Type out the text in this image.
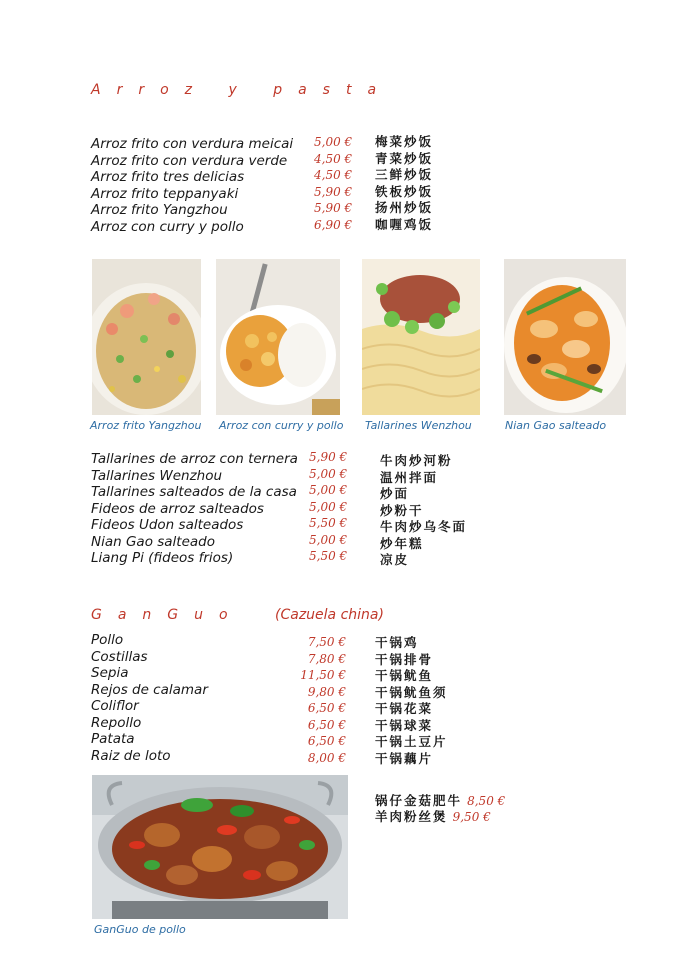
Arroz y pasta
Arroz frito con verdura meicai
Arroz frito con verdura verde
Arroz frito tres delicias
Arroz frito teppanyaki
Arroz frito Yangzhou
Arroz con curry y pollo
5,00 €
4,50 €
4,50 €
5,90 €
5,90 €
6,90 €
梅菜炒饭
青菜炒饭
三鲜炒饭
铁板炒饭
扬州炒饭
咖喱鸡饭
Arroz frito Yangzhou Arroz con curry y pollo Tallarines Wenzhou	Nian Gao salteado
Tallarines de arroz con ternera
Tallarines Wenzhou
Tallarines salteados de la casa
Fideos de arroz salteados
Fideos Udon salteados
Nian Gao salteado
Liang Pi (fideos frios)
5,90 €
5,00 €
5,00 €
5,00 €
5,50 €
5,00 €
5,50 €
牛肉炒河粉
温州拌面
炒面
炒粉干
牛肉炒乌冬面
炒年糕
凉皮
GanGuo (Cazuela china)
Pollo
Costillas
Sepia
Rejos de calamar
Coliflor
Repollo
Patata
Raiz de loto
7,50 €
7,80 €
11,50 €
9,80 €
6,50 €
6,50 €
6,50 €
8,00 €
干锅鸡
干锅排骨
干锅鱿鱼
干锅鱿鱼须
干锅花菜
干锅球菜
干锅土豆片
干锅藕片
GanGuo de pollo
锅仔金菇肥牛 8,50 €
羊肉粉丝煲 9,50 €
